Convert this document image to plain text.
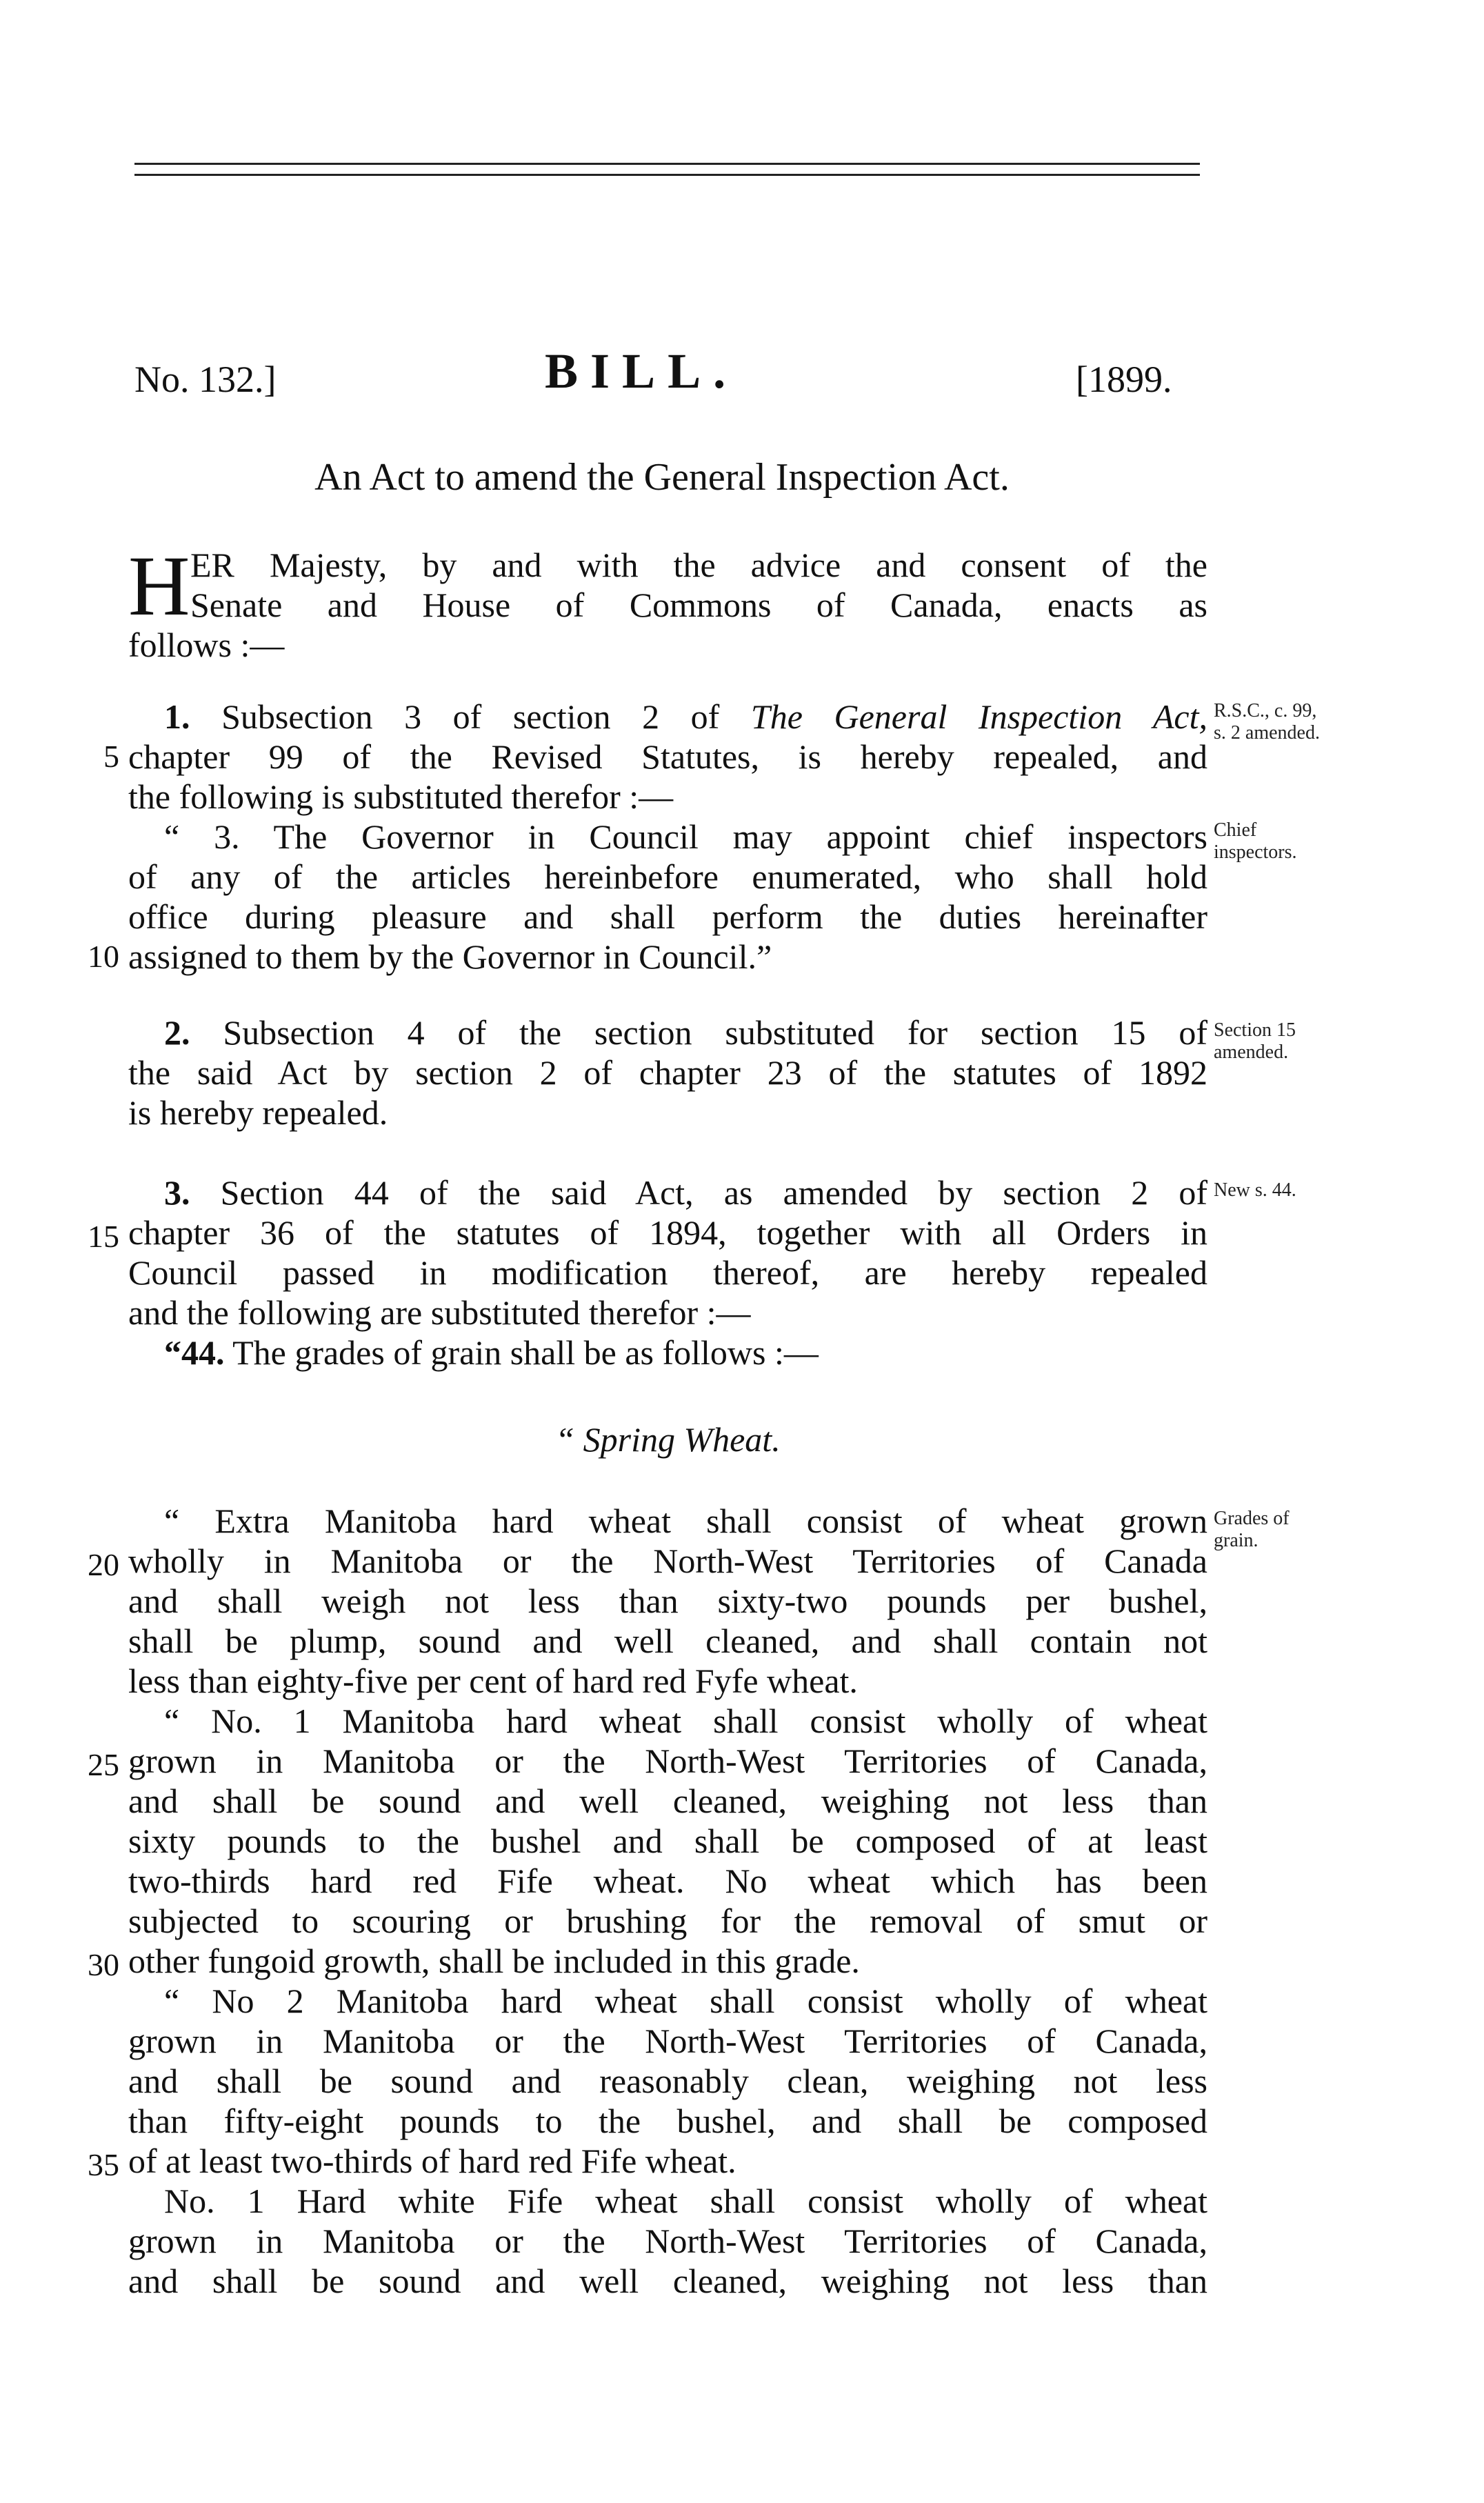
No. 132.]	BILL.	[1899.
An Act to amend the General Inspection Act.
H ER Majesty, by and with the advice and consent of the
Senate and House of Commons of Canada, enacts as
follows :—
1. Subsection 3 of section 2 of The General Inspection Act,
5 chapter 99 of the Revised Statutes, is hereby repealed, and
the following is substituted therefor :—
“ 3. The Governor in Council may appoint chief inspectors
of any of the articles hereinbefore enumerated, who shall hold
office during pleasure and shall perform the duties hereinafter
10 assigned to them by the Governor in Council.”
R.S.C., c. 99,
s. 2 amended.
Chief
inspectors.
2. Subsection 4 of the section substituted for section 15 of
the said Act by section 2 of chapter 23 of the statutes of 1892
is hereby repealed.
Section 15
amended.
3. Section 44 of the said Act, as amended by section 2 of
15 chapter 36 of the statutes of 1894, together with all Orders in
Council passed in modification thereof, are hereby repealed
and the following are substituted therefor :—
“44. The grades of grain shall be as follows :—
New s. 44.
“ Spring Wheat.
“ Extra Manitoba hard wheat shall consist of wheat grown
20 wholly in Manitoba or the North-West Territories of Canada
and shall weigh not less than sixty-two pounds per bushel,
shall be plump, sound and well cleaned, and shall contain not
less than eighty-five per cent of hard red Fyfe wheat.
“ No. 1 Manitoba hard wheat shall consist wholly of wheat
25 grown in Manitoba or the North-West Territories of Canada,
and shall be sound and well cleaned, weighing not less than
sixty pounds to the bushel and shall be composed of at least
two-thirds hard red Fife wheat. No wheat which has been
subjected to scouring or brushing for the removal of smut or
30 other fungoid growth, shall be included in this grade.
“ No 2 Manitoba hard wheat shall consist wholly of wheat
grown in Manitoba or the North-West Territories of Canada,
and shall be sound and reasonably clean, weighing not less
than fifty-eight pounds to the bushel, and shall be composed
35 of at least two-thirds of hard red Fife wheat.
No. 1 Hard white Fife wheat shall consist wholly of wheat
grown in Manitoba or the North-West Territories of Canada,
and shall be sound and well cleaned, weighing not less than
Grades of
grain.
